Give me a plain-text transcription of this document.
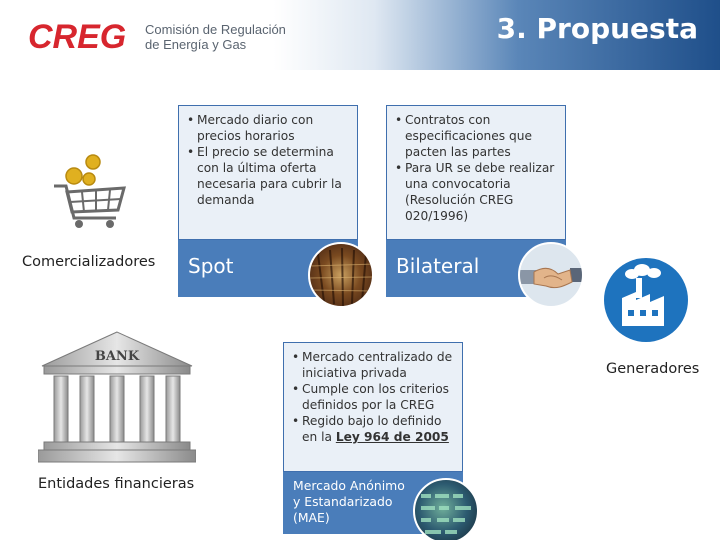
CREG Comisión de Regulación
de Energía y Gas	3. Propuesta
Comercializadores
• Mercado diario con precios horarios
• El precio se determina con la última oferta necesaria para cubrir la demanda
Spot
• Contratos con especificaciones que pacten las partes
• Para UR se debe realizar una convocatoria (Resolución CREG 020/1996)
Bilateral
BANK
Entidades financieras
• Mercado centralizado de iniciativa privada
• Cumple con los criterios definidos por la CREG
• Regido bajo lo definido en la Ley 964 de 2005
Mercado Anónimo y Estandarizado (MAE)
Generadores
